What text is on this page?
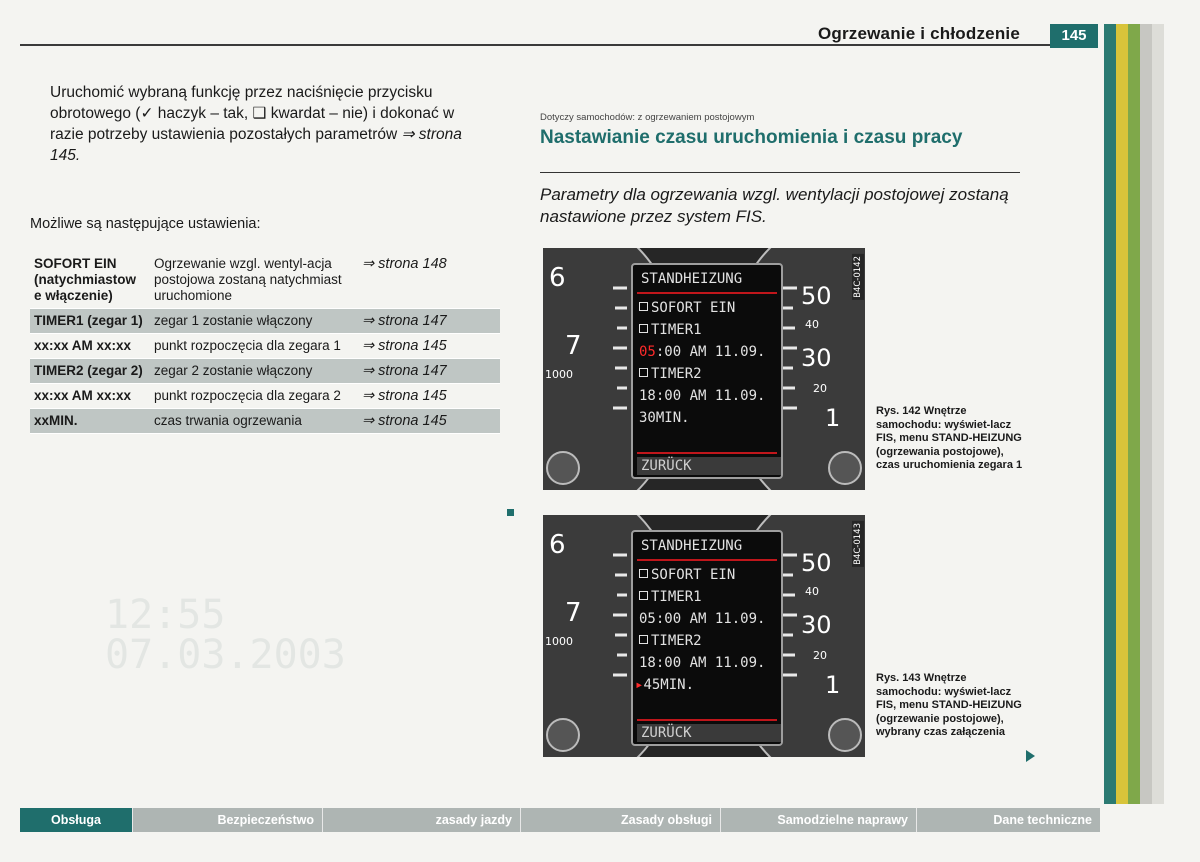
Ogrzewanie i chłodzenie	145
Uruchomić wybraną funkcję przez naciśnięcie przycisku obrotowego (✓ haczyk – tak, ❑ kwardat – nie) i dokonać w razie potrzeby ustawienia pozostałych parametrów ⇒ strona 145.
Możliwe są następujące ustawienia:
SOFORT EIN (natychmiastow e włączenie)	Ogrzewanie wzgl. wentyl-acja postojowa zostaną natychmiast uruchomione	⇒ strona 148
TIMER1 (zegar 1)	zegar 1 zostanie włączony	⇒ strona 147
xx:xx AM xx:xx	punkt rozpoczęcia dla zegara 1	⇒ strona 145
TIMER2 (zegar 2)	zegar 2 zostanie włączony	⇒ strona 147
xx:xx AM xx:xx	punkt rozpoczęcia dla zegara 2	⇒ strona 145
xxMIN.	czas trwania ogrzewania	⇒ strona 145
12:55
07.03.2003
Dotyczy samochodów: z ogrzewaniem postojowym
Nastawianie czasu uruchomienia i czasu pracy
Parametry dla ogrzewania wzgl. wentylacji postojowej zostaną nastawione przez system FIS.
6
7
1000
50
40
30
20
1
STANDHEIZUNG
SOFORT EIN
TIMER1
05:00 AM 11.09.
TIMER2
18:00 AM 11.09.
30MIN.
ZURÜCK
B4C-0142
Rys. 142 Wnętrze samochodu: wyświet-lacz FIS, menu STAND-HEIZUNG (ogrzewania postojowe), czas uruchomienia zegara 1
6
7
1000
50
40
30
20
1
STANDHEIZUNG
SOFORT EIN
TIMER1
05:00 AM 11.09.
TIMER2
18:00 AM 11.09.
▸45MIN.
ZURÜCK
B4C-0143
Rys. 143 Wnętrze samochodu: wyświet-lacz FIS, menu STAND-HEIZUNG (ogrzewanie postojowe), wybrany czas załączenia
Obsługa	Bezpieczeństwo	zasady jazdy	Zasady obsługi	Samodzielne naprawy	Dane techniczne
